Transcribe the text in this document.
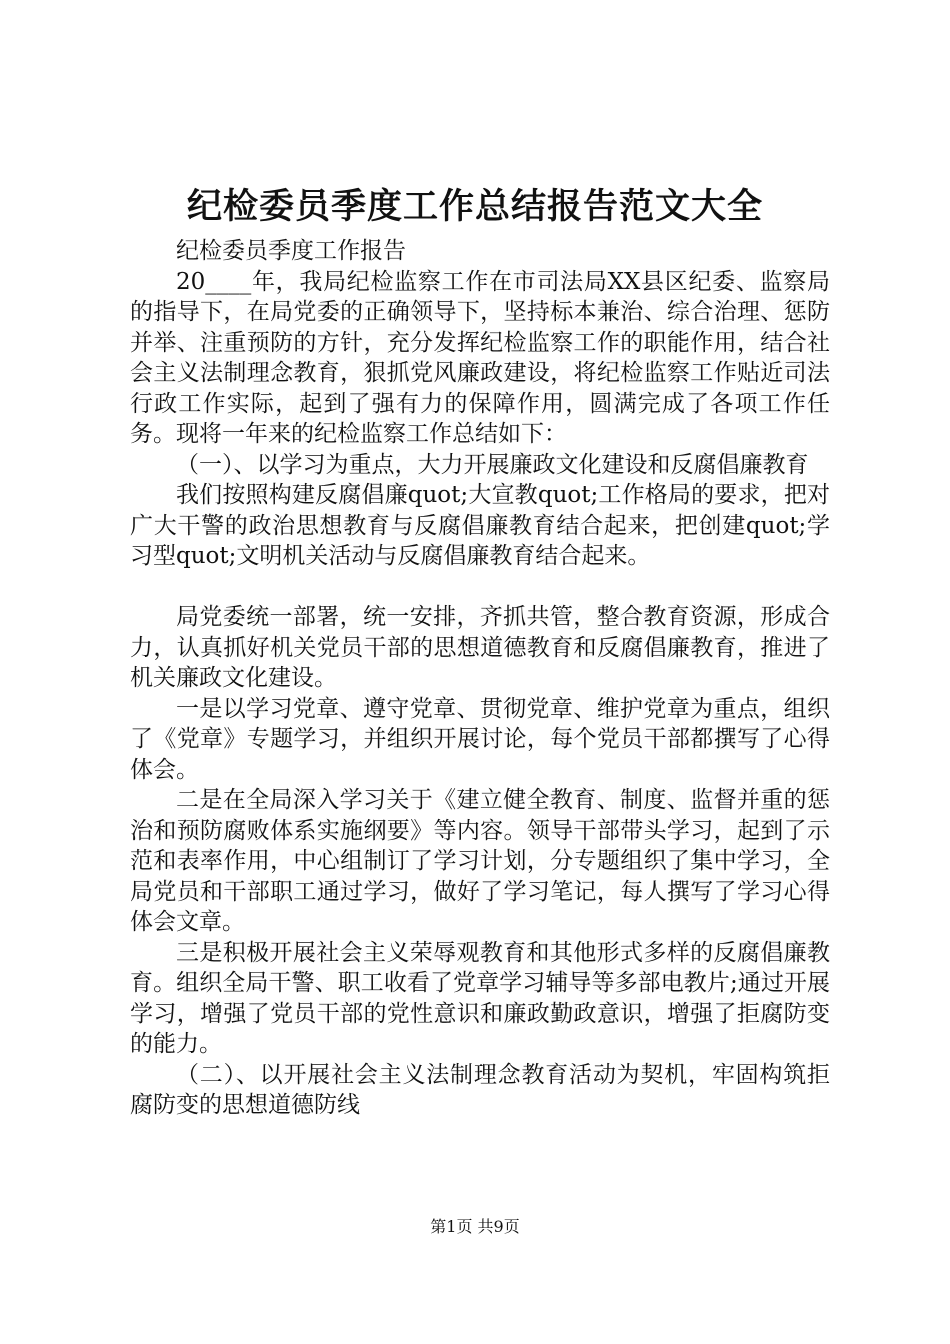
纪检委员季度工作总结报告范文大全

纪检委员季度工作报告

20____年，我局纪检监察工作在市司法局XX县区纪委、监察局的指导下，在局党委的正确领导下，坚持标本兼治、综合治理、惩防并举、注重预防的方针，充分发挥纪检监察工作的职能作用，结合社会主义法制理念教育，狠抓党风廉政建设，将纪检监察工作贴近司法行政工作实际，起到了强有力的保障作用，圆满完成了各项工作任务。现将一年来的纪检监察工作总结如下：

（一）、以学习为重点，大力开展廉政文化建设和反腐倡廉教育

我们按照构建反腐倡廉quot;大宣教quot;工作格局的要求，把对广大干警的政治思想教育与反腐倡廉教育结合起来，把创建quot;学习型quot;文明机关活动与反腐倡廉教育结合起来。

局党委统一部署，统一安排，齐抓共管，整合教育资源，形成合力，认真抓好机关党员干部的思想道德教育和反腐倡廉教育，推进了机关廉政文化建设。

一是以学习党章、遵守党章、贯彻党章、维护党章为重点，组织了《党章》专题学习，并组织开展讨论，每个党员干部都撰写了心得体会。

二是在全局深入学习关于《建立健全教育、制度、监督并重的惩治和预防腐败体系实施纲要》等内容。领导干部带头学习，起到了示范和表率作用，中心组制订了学习计划，分专题组织了集中学习，全局党员和干部职工通过学习，做好了学习笔记，每人撰写了学习心得体会文章。

三是积极开展社会主义荣辱观教育和其他形式多样的反腐倡廉教育。组织全局干警、职工收看了党章学习辅导等多部电教片;通过开展学习，增强了党员干部的党性意识和廉政勤政意识，增强了拒腐防变的能力。

（二）、以开展社会主义法制理念教育活动为契机，牢固构筑拒腐防变的思想道德防线

第1页 共9页
